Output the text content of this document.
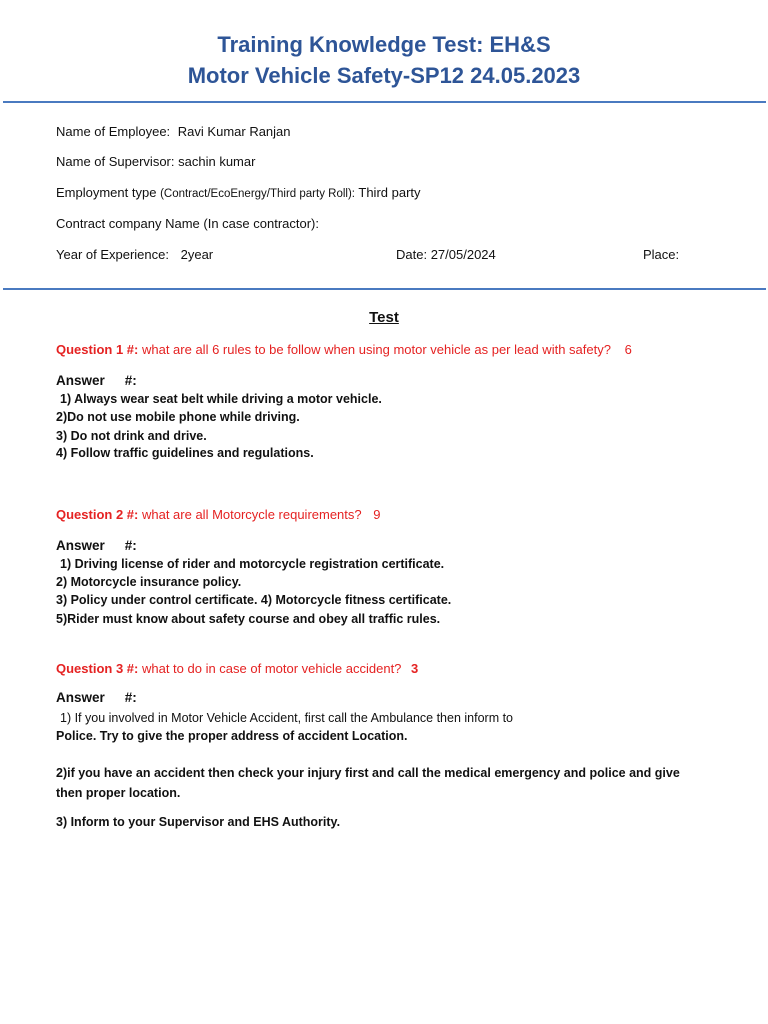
Training Knowledge Test: EH&S
Motor Vehicle Safety-SP12 24.05.2023
Name of Employee: Ravi Kumar Ranjan
Name of Supervisor: sachin kumar
Employment type (Contract/EcoEnergy/Third party Roll): Third party
Contract company Name (In case contractor):
Year of Experience: 2year	Date: 27/05/2024	Place:
Test
Question 1 #: what are all 6 rules to be follow when using motor vehicle as per lead with safety? 6
Answer #:
1) Always wear seat belt while driving a motor vehicle.
2)Do not use mobile phone while driving.
3) Do not drink and drive.
4) Follow traffic guidelines and regulations.
Question 2 #: what are all Motorcycle requirements? 9
Answer #:
1) Driving license of rider and motorcycle registration certificate.
2) Motorcycle insurance policy.
3) Policy under control certificate. 4) Motorcycle fitness certificate.
5)Rider must know about safety course and obey all traffic rules.
Question 3 #: what to do in case of motor vehicle accident? 3
Answer #:
1) If you involved in Motor Vehicle Accident, first call the Ambulance then inform to
Police. Try to give the proper address of accident Location.
2)if you have an accident then check your injury first and call the medical emergency and police and give
then proper location.
3) Inform to your Supervisor and EHS Authority.
